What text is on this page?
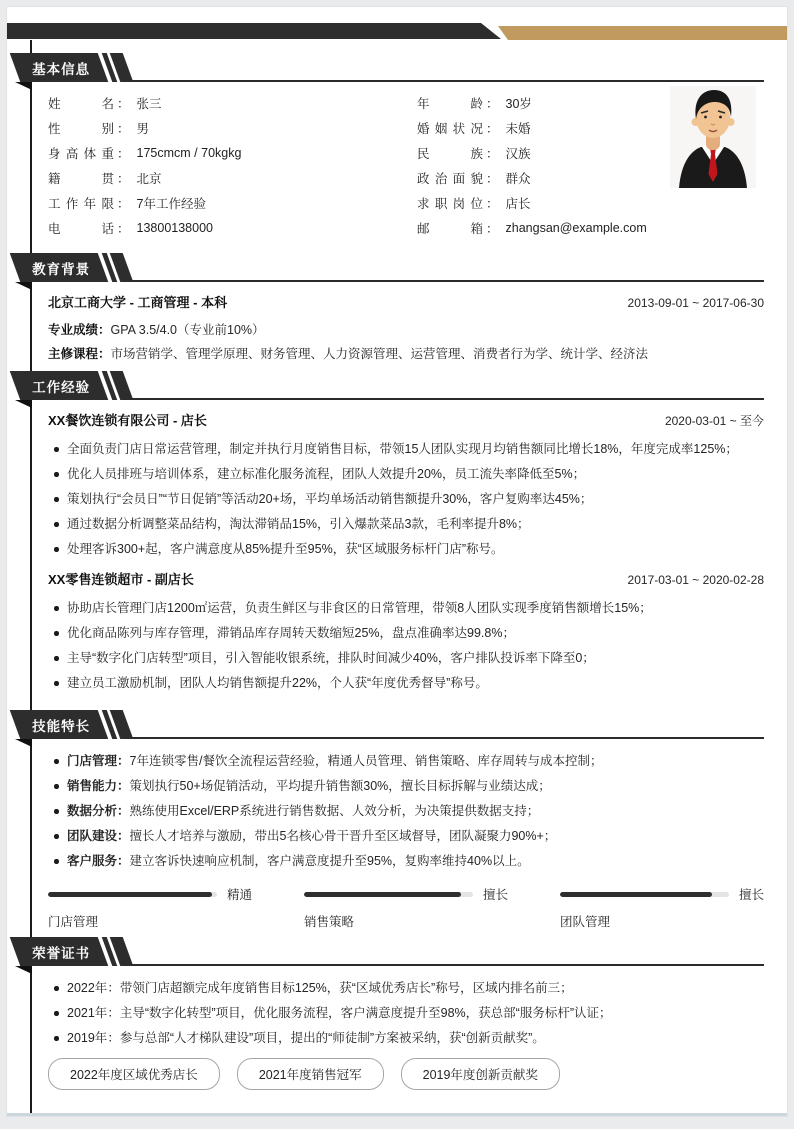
基本信息
姓名 ： 张三
性别 ： 男
身高体重 ： 175cmcm / 70kgkg
籍贯 ： 北京
工作年限 ： 7年工作经验
电话 ： 13800138000
年龄 ： 30岁
婚姻状况 ： 未婚
民族 ： 汉族
政治面貌 ： 群众
求职岗位 ： 店长
邮箱 ： zhangsan@example.com
教育背景
北京工商大学 - 工商管理 - 本科	2013-09-01 ~ 2017-06-30
专业成绩 ： GPA 3.5/4.0（专业前10%）
主修课程 ： 市场营销学、管理学原理、财务管理、人力资源管理、运营管理、消费者行为学、统计学、经济法
工作经验
XX餐饮连锁有限公司 - 店长	2020-03-01 ~ 至今
全面负责门店日常运营管理，制定并执行月度销售目标，带领15人团队实现月均销售额同比增长18%，年度完成率125%；
优化人员排班与培训体系，建立标准化服务流程，团队人效提升20%，员工流失率降低至5%；
策划执行“会员日”“节日促销”等活动20+场，平均单场活动销售额提升30%，客户复购率达45%；
通过数据分析调整菜品结构，淘汰滞销品15%，引入爆款菜品3款，毛利率提升8%；
处理客诉300+起，客户满意度从85%提升至95%，获“区域服务标杆门店”称号。
XX零售连锁超市 - 副店长	2017-03-01 ~ 2020-02-28
协助店长管理门店1200㎡运营，负责生鲜区与非食区的日常管理，带领8人团队实现季度销售额增长15%；
优化商品陈列与库存管理，滞销品库存周转天数缩短25%，盘点准确率达99.8%；
主导“数字化门店转型”项目，引入智能收银系统，排队时间减少40%，客户排队投诉率下降至0；
建立员工激励机制，团队人均销售额提升22%，个人获“年度优秀督导”称号。
技能特长
门店管理：7年连锁零售/餐饮全流程运营经验，精通人员管理、销售策略、库存周转与成本控制；
销售能力：策划执行50+场促销活动，平均提升销售额30%，擅长目标拆解与业绩达成；
数据分析：熟练使用Excel/ERP系统进行销售数据、人效分析，为决策提供数据支持；
团队建设：擅长人才培养与激励，带出5名核心骨干晋升至区域督导，团队凝聚力90%+；
客户服务：建立客诉快速响应机制，客户满意度提升至95%，复购率维持40%以上。
精通
门店管理
擅长
销售策略
擅长
团队管理
荣誉证书
2022年：带领门店超额完成年度销售目标125%，获“区域优秀店长”称号，区域内排名前三；
2021年：主导“数字化转型”项目，优化服务流程，客户满意度提升至98%，获总部“服务标杆”认证；
2019年：参与总部“人才梯队建设”项目，提出的“师徒制”方案被采纳，获“创新贡献奖”。
2022年度区域优秀店长	2021年度销售冠军	2019年度创新贡献奖
